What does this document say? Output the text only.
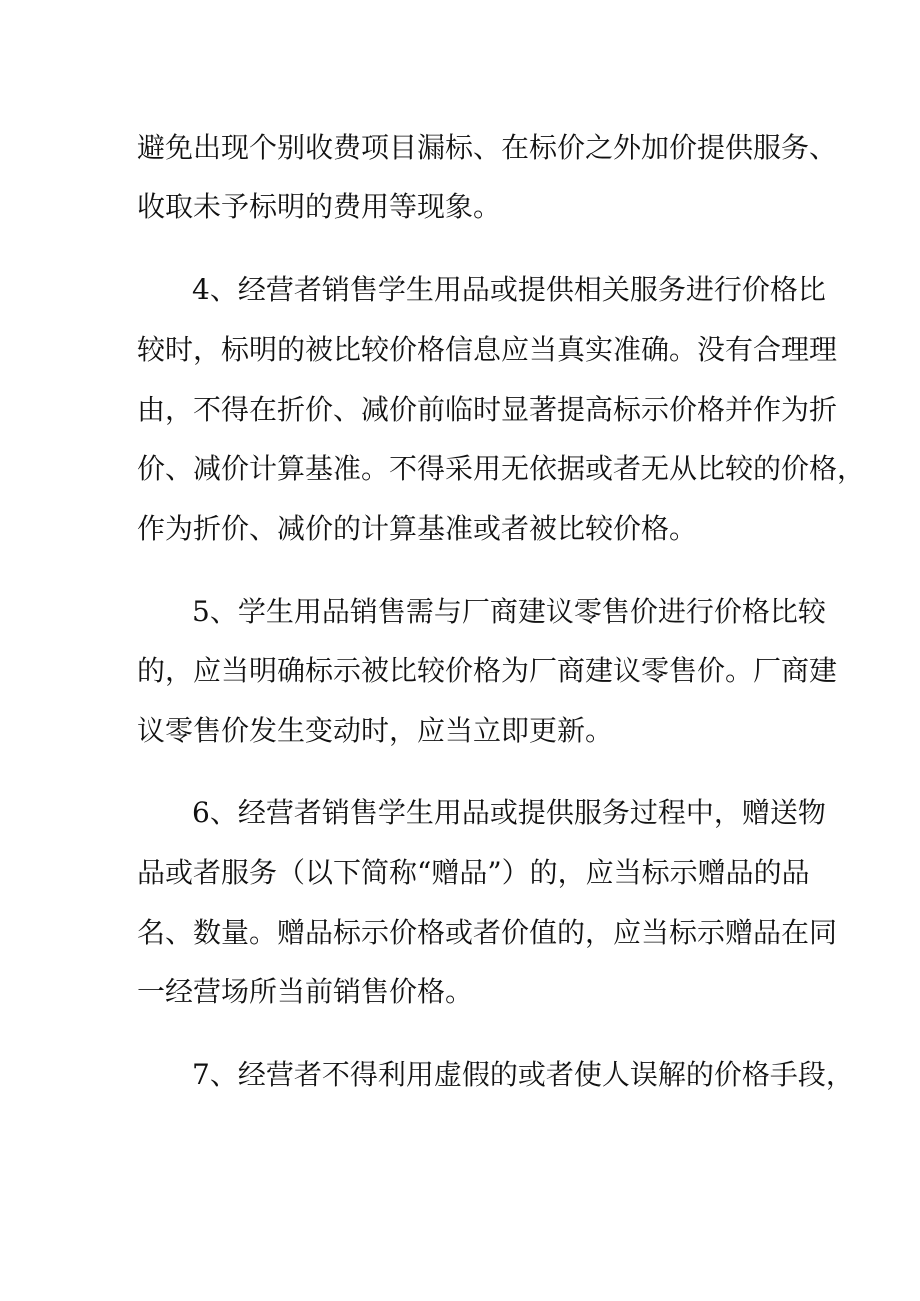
避免出现个别收费项目漏标、在标价之外加价提供服务、
收取未予标明的费用等现象。
4、经营者销售学生用品或提供相关服务进行价格比
较时，标明的被比较价格信息应当真实准确。没有合理理
由，不得在折价、减价前临时显著提高标示价格并作为折
价、减价计算基准。不得采用无依据或者无从比较的价格，
作为折价、减价的计算基准或者被比较价格。
5、学生用品销售需与厂商建议零售价进行价格比较
的，应当明确标示被比较价格为厂商建议零售价。厂商建
议零售价发生变动时，应当立即更新。
6、经营者销售学生用品或提供服务过程中，赠送物
品或者服务（以下简称“赠品”）的，应当标示赠品的品
名、数量。赠品标示价格或者价值的，应当标示赠品在同
一经营场所当前销售价格。
7、经营者不得利用虚假的或者使人误解的价格手段，
